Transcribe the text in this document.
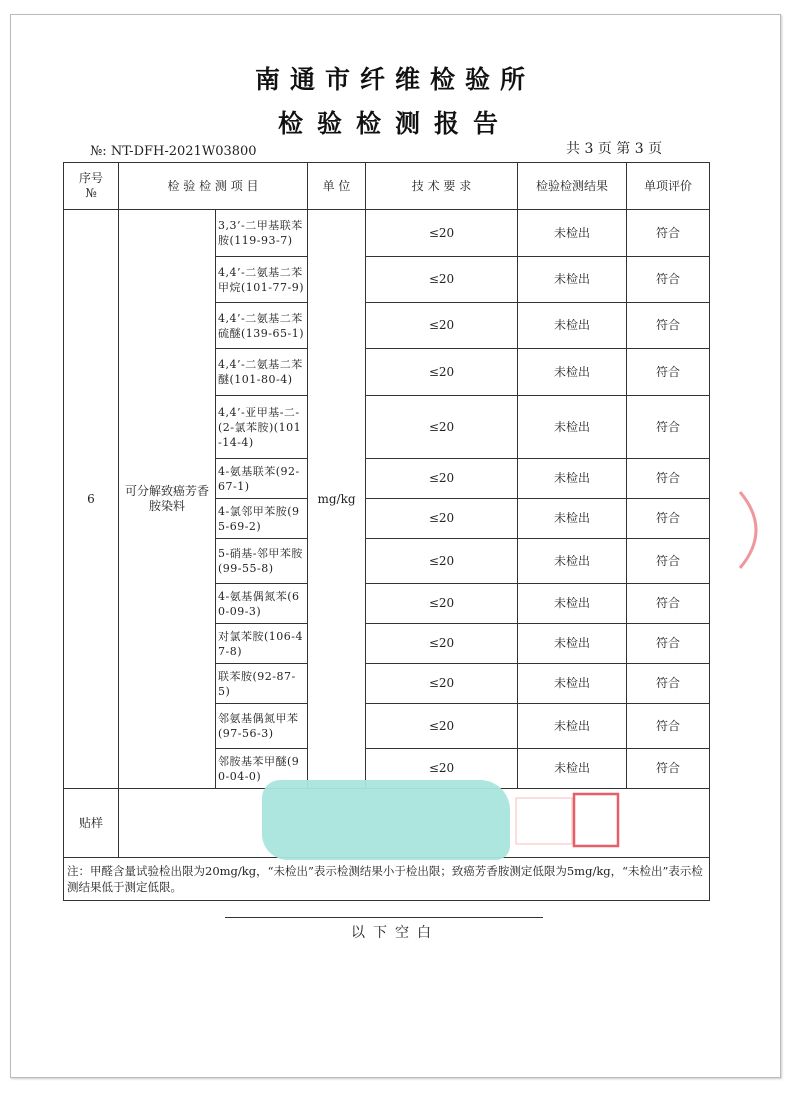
南通市纤维检验所
检验检测报告
№: NT-DFH-2021W03800	共 3 页 第 3 页
序号
№	检 验 检 测 项 目		单 位	技 术 要 求	检验检测结果	单项评价
6	可分解致癌芳香胺染料	3,3’-二甲基联苯胺(119-93-7)	mg/kg	≤20	未检出	符合
		4,4’-二氨基二苯甲烷(101-77-9)		≤20	未检出	符合
		4,4’-二氨基二苯硫醚(139-65-1)		≤20	未检出	符合
		4,4’-二氨基二苯醚(101-80-4)		≤20	未检出	符合
		4,4’-亚甲基-二-(2-氯苯胺)(101-14-4)		≤20	未检出	符合
		4-氨基联苯(92-67-1)		≤20	未检出	符合
		4-氯邻甲苯胺(95-69-2)		≤20	未检出	符合
		5-硝基-邻甲苯胺(99-55-8)		≤20	未检出	符合
		4-氨基偶氮苯(60-09-3)		≤20	未检出	符合
		对氯苯胺(106-47-8)		≤20	未检出	符合
		联苯胺(92-87-5)		≤20	未检出	符合
		邻氨基偶氮甲苯(97-56-3)		≤20	未检出	符合
		邻胺基苯甲醚(90-04-0)		≤20	未检出	符合
贴样						
注：甲醛含量试验检出限为20mg/kg，“未检出”表示检测结果小于检出限；致癌芳香胺测定低限为5mg/kg，“未检出”表示检测结果低于测定低限。						
以下空白
